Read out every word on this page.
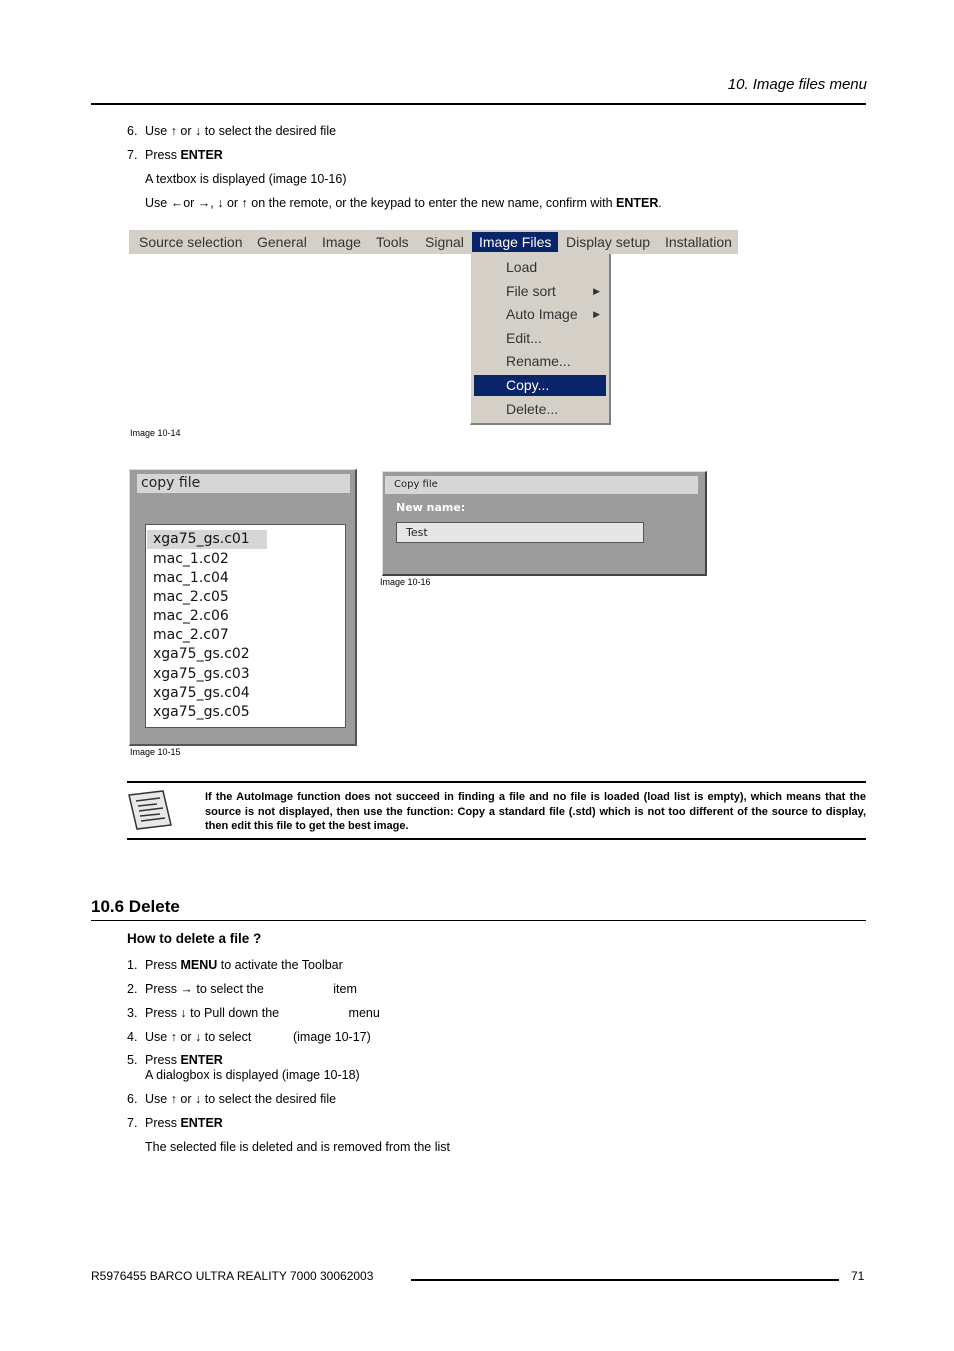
10. Image files menu
6. Use ↑ or ↓ to select the desired file
7. Press ENTER
A textbox is displayed (image 10-16)
Use ←or →, ↓ or ↑ on the remote, or the keypad to enter the new name, confirm with ENTER.
Source selection General Image Tools Signal	Image Files	Display setup Installation
Load
File sort	▶
Auto Image ▶
Edit...
Rename...
Copy...
Delete...
Image 10-14
copy file
xga75_gs.c01
mac_1.c02
mac_1.c04
mac_2.c05
mac_2.c06
mac_2.c07
xga75_gs.c02
xga75_gs.c03
xga75_gs.c04
xga75_gs.c05
Image 10-15
Copy file
New name:
Test
Image 10-16
If the AutoImage function does not succeed in finding a file and no file is loaded (load list is empty), which means that the source is not displayed, then use the function: Copy a standard file (.std) which is not too different of the source to display, then edit this file to get the best image.
10.6 Delete
How to delete a file ?
1. Press MENU to activate the Toolbar
2. Press → to select the                    item
3. Press ↓ to Pull down the                    menu
4. Use ↑ or ↓ to select            (image 10-17)
5. Press ENTER
A dialogbox is displayed (image 10-18)
6. Use ↑ or ↓ to select the desired file
7. Press ENTER
The selected file is deleted and is removed from the list
R5976455 BARCO ULTRA REALITY 7000 30062003	71
